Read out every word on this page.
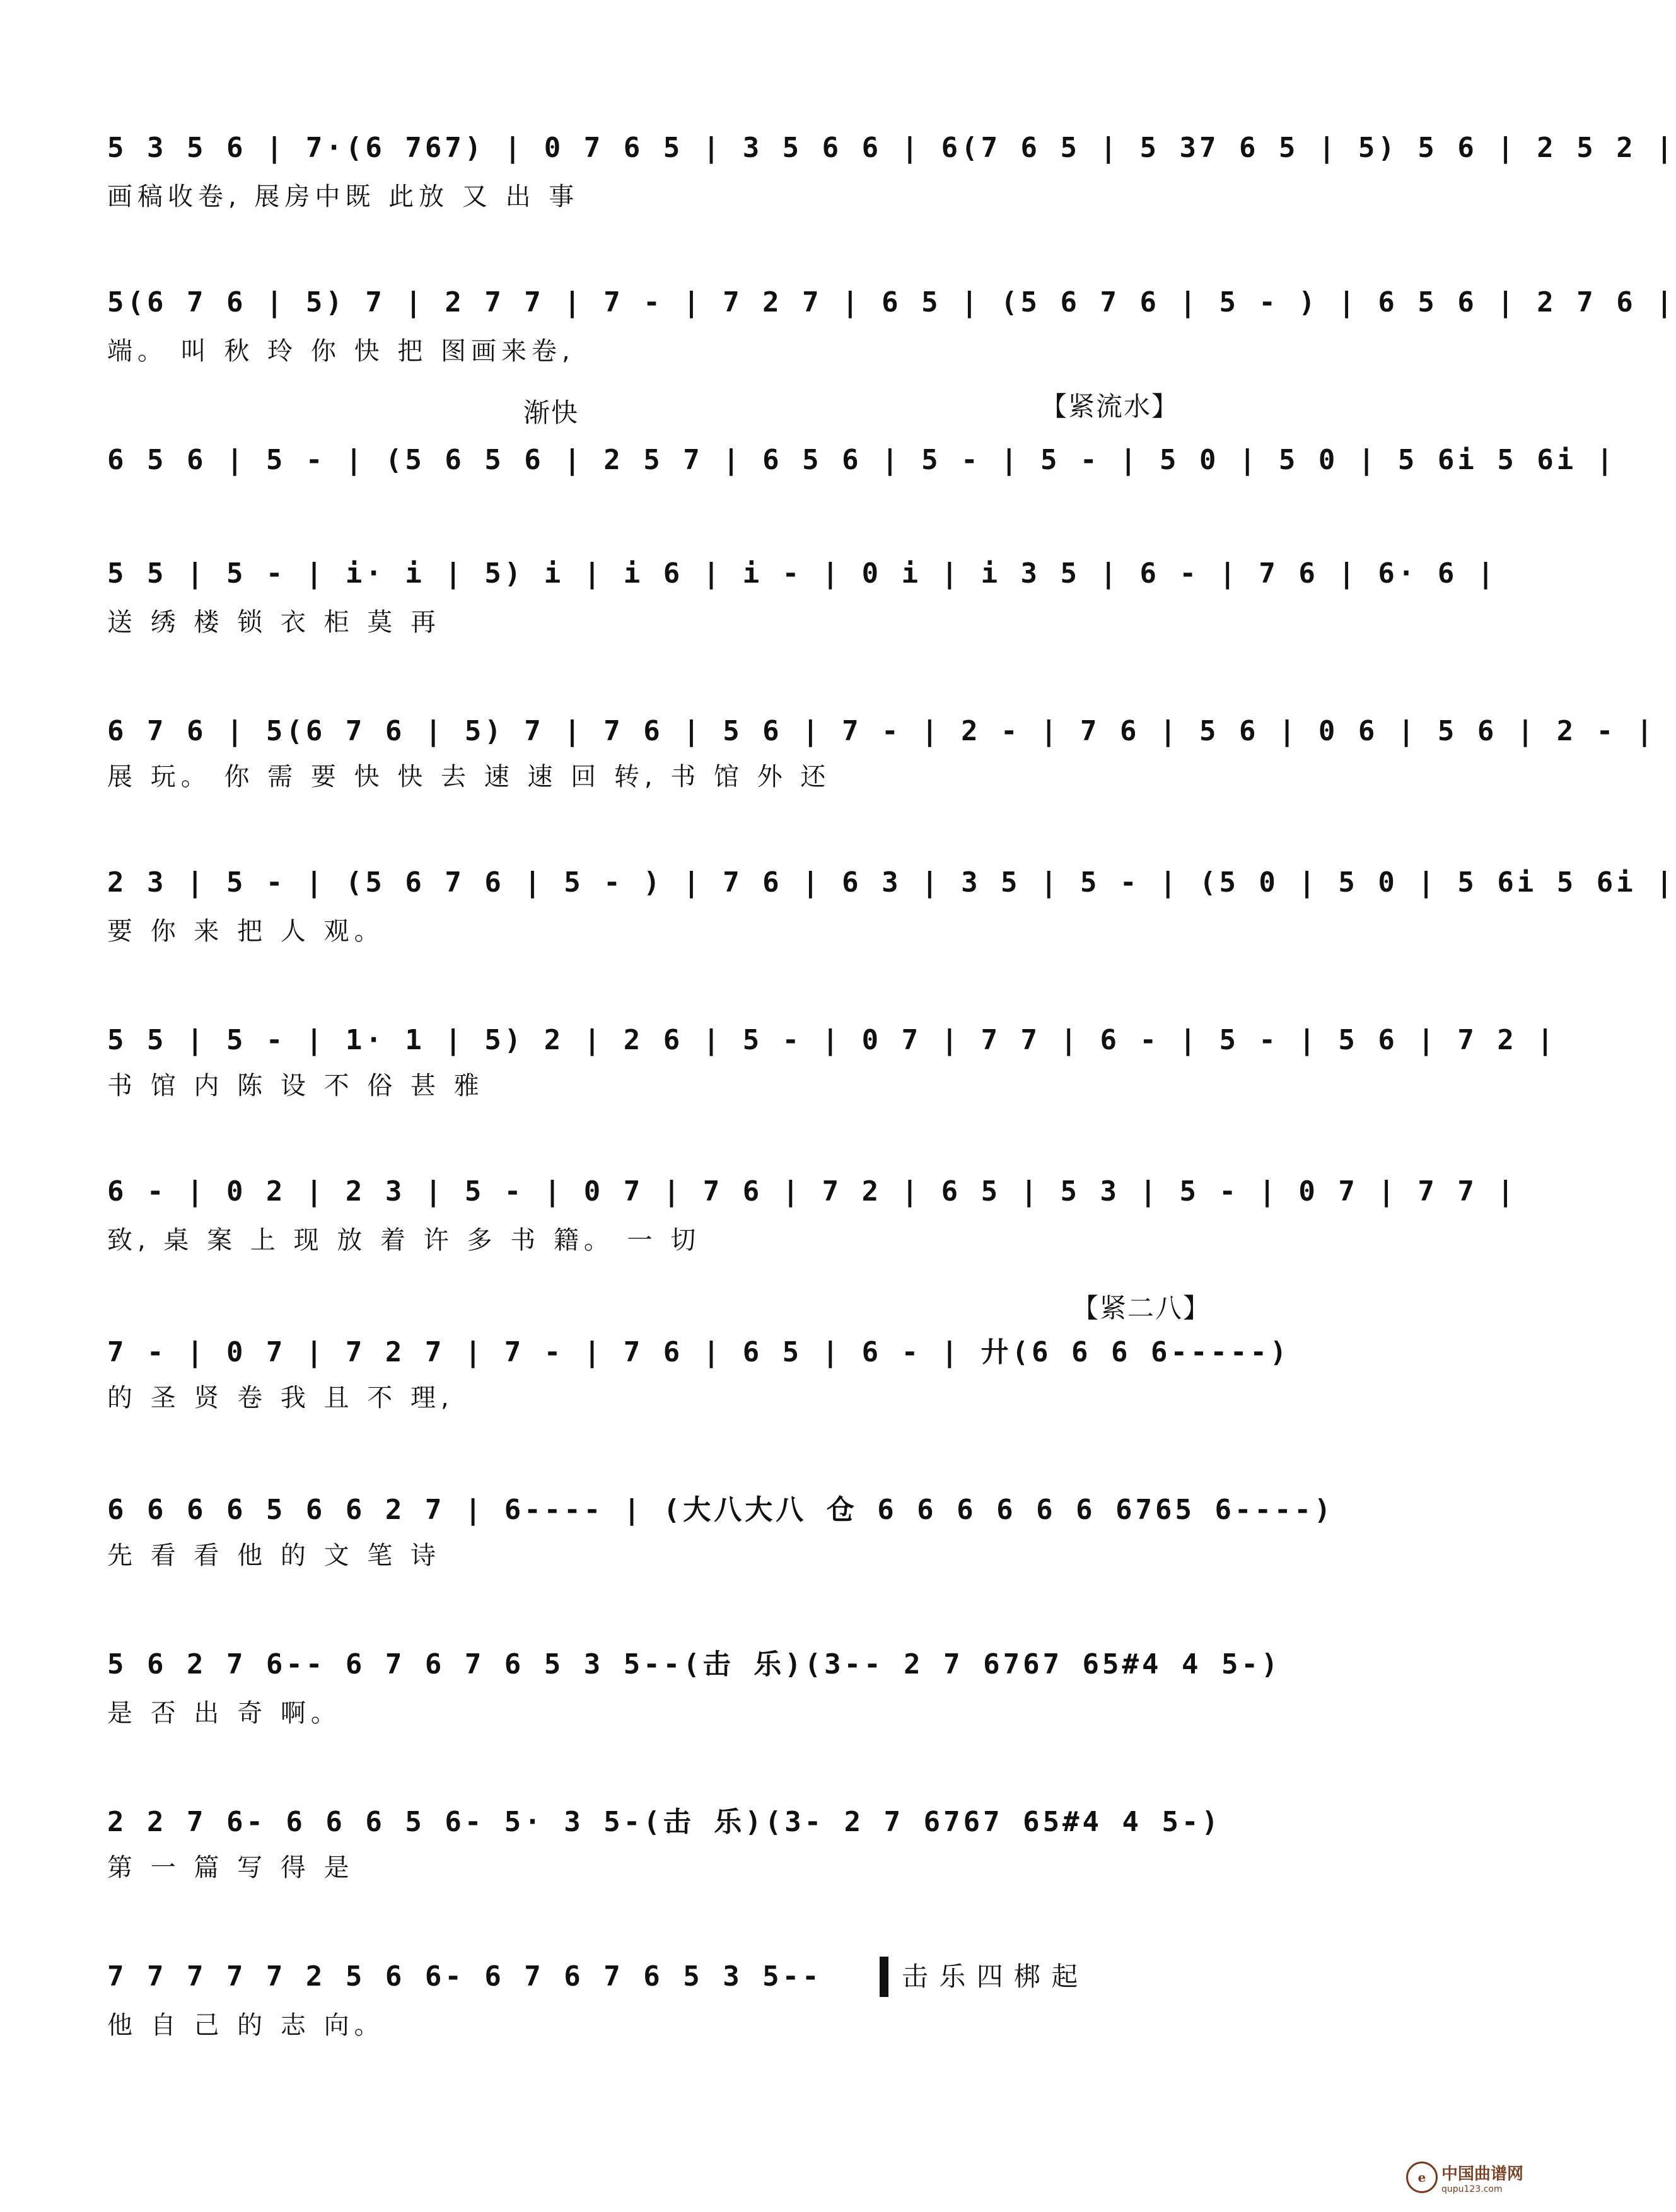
5 3 5 6 | 7·(6 767) | 0 7 6 5 | 3 5 6 6 | 6(7 6 5 | 5 37 6 5 | 5) 5 6 | 2 5 2 |
画稿收卷, 展房中既 此放 又 出 事
5(6 7 6 | 5) 7 | 2 7 7 | 7 - | 7 2 7 | 6 5 | (5 6 7 6 | 5 - ) | 6 5 6 | 2 7 6 |
端。 叫 秋 玲 你 快 把 图画来卷,
渐快	【紧流水】
6 5 6 | 5 - | (5 6 5 6 | 2 5 7 | 6 5 6 | 5 - | 5 - | 5 0 | 5 0 | 5 6i 5 6i |
5 5 | 5 - | i· i | 5) i | i 6 | i - | 0 i | i 3 5 | 6 - | 7 6 | 6· 6 |
送 绣 楼 锁 衣 柜 莫 再
6 7 6 | 5(6 7 6 | 5) 7 | 7 6 | 5 6 | 7 - | 2 - | 7 6 | 5 6 | 0 6 | 5 6 | 2 - |
展 玩。 你 需 要 快 快 去 速 速 回 转, 书 馆 外 还
2 3 | 5 - | (5 6 7 6 | 5 - ) | 7 6 | 6 3 | 3 5 | 5 - | (5 0 | 5 0 | 5 6i 5 6i |
要 你 来 把 人 观。
5 5 | 5 - | 1· 1 | 5) 2 | 2 6 | 5 - | 0 7 | 7 7 | 6 - | 5 - | 5 6 | 7 2 |
书 馆 内 陈 设 不 俗 甚 雅
6 - | 0 2 | 2 3 | 5 - | 0 7 | 7 6 | 7 2 | 6 5 | 5 3 | 5 - | 0 7 | 7 7 |
致, 桌 案 上 现 放 着 许 多 书 籍。 一 切
【紧二八】
7 - | 0 7 | 7 2 7 | 7 - | 7 6 | 6 5 | 6 - | 廾(6 6 6 6-----)
的 圣 贤 卷 我 且 不 理,
6 6 6 6 5 6 6 2 7 | 6---- | (大八大八 仓 6 6 6 6 6 6 6765 6----)
先 看 看 他 的 文 笔 诗
5 6 2 7 6-- 6 7 6 7 6 5 3 5--(击 乐)(3-- 2 7 6767 65#4 4 5-)
是 否 出 奇 啊。
2 2 7 6- 6 6 6 5 6- 5· 3 5-(击 乐)(3- 2 7 6767 65#4 4 5-)
第 一 篇 写 得 是
7 7 7 7 7 2 5 6 6- 6 7 6 7 6 5 3 5--	击 乐 四 梆 起
他 自 己 的 志 向。
e 中国曲谱网
qupu123.com
